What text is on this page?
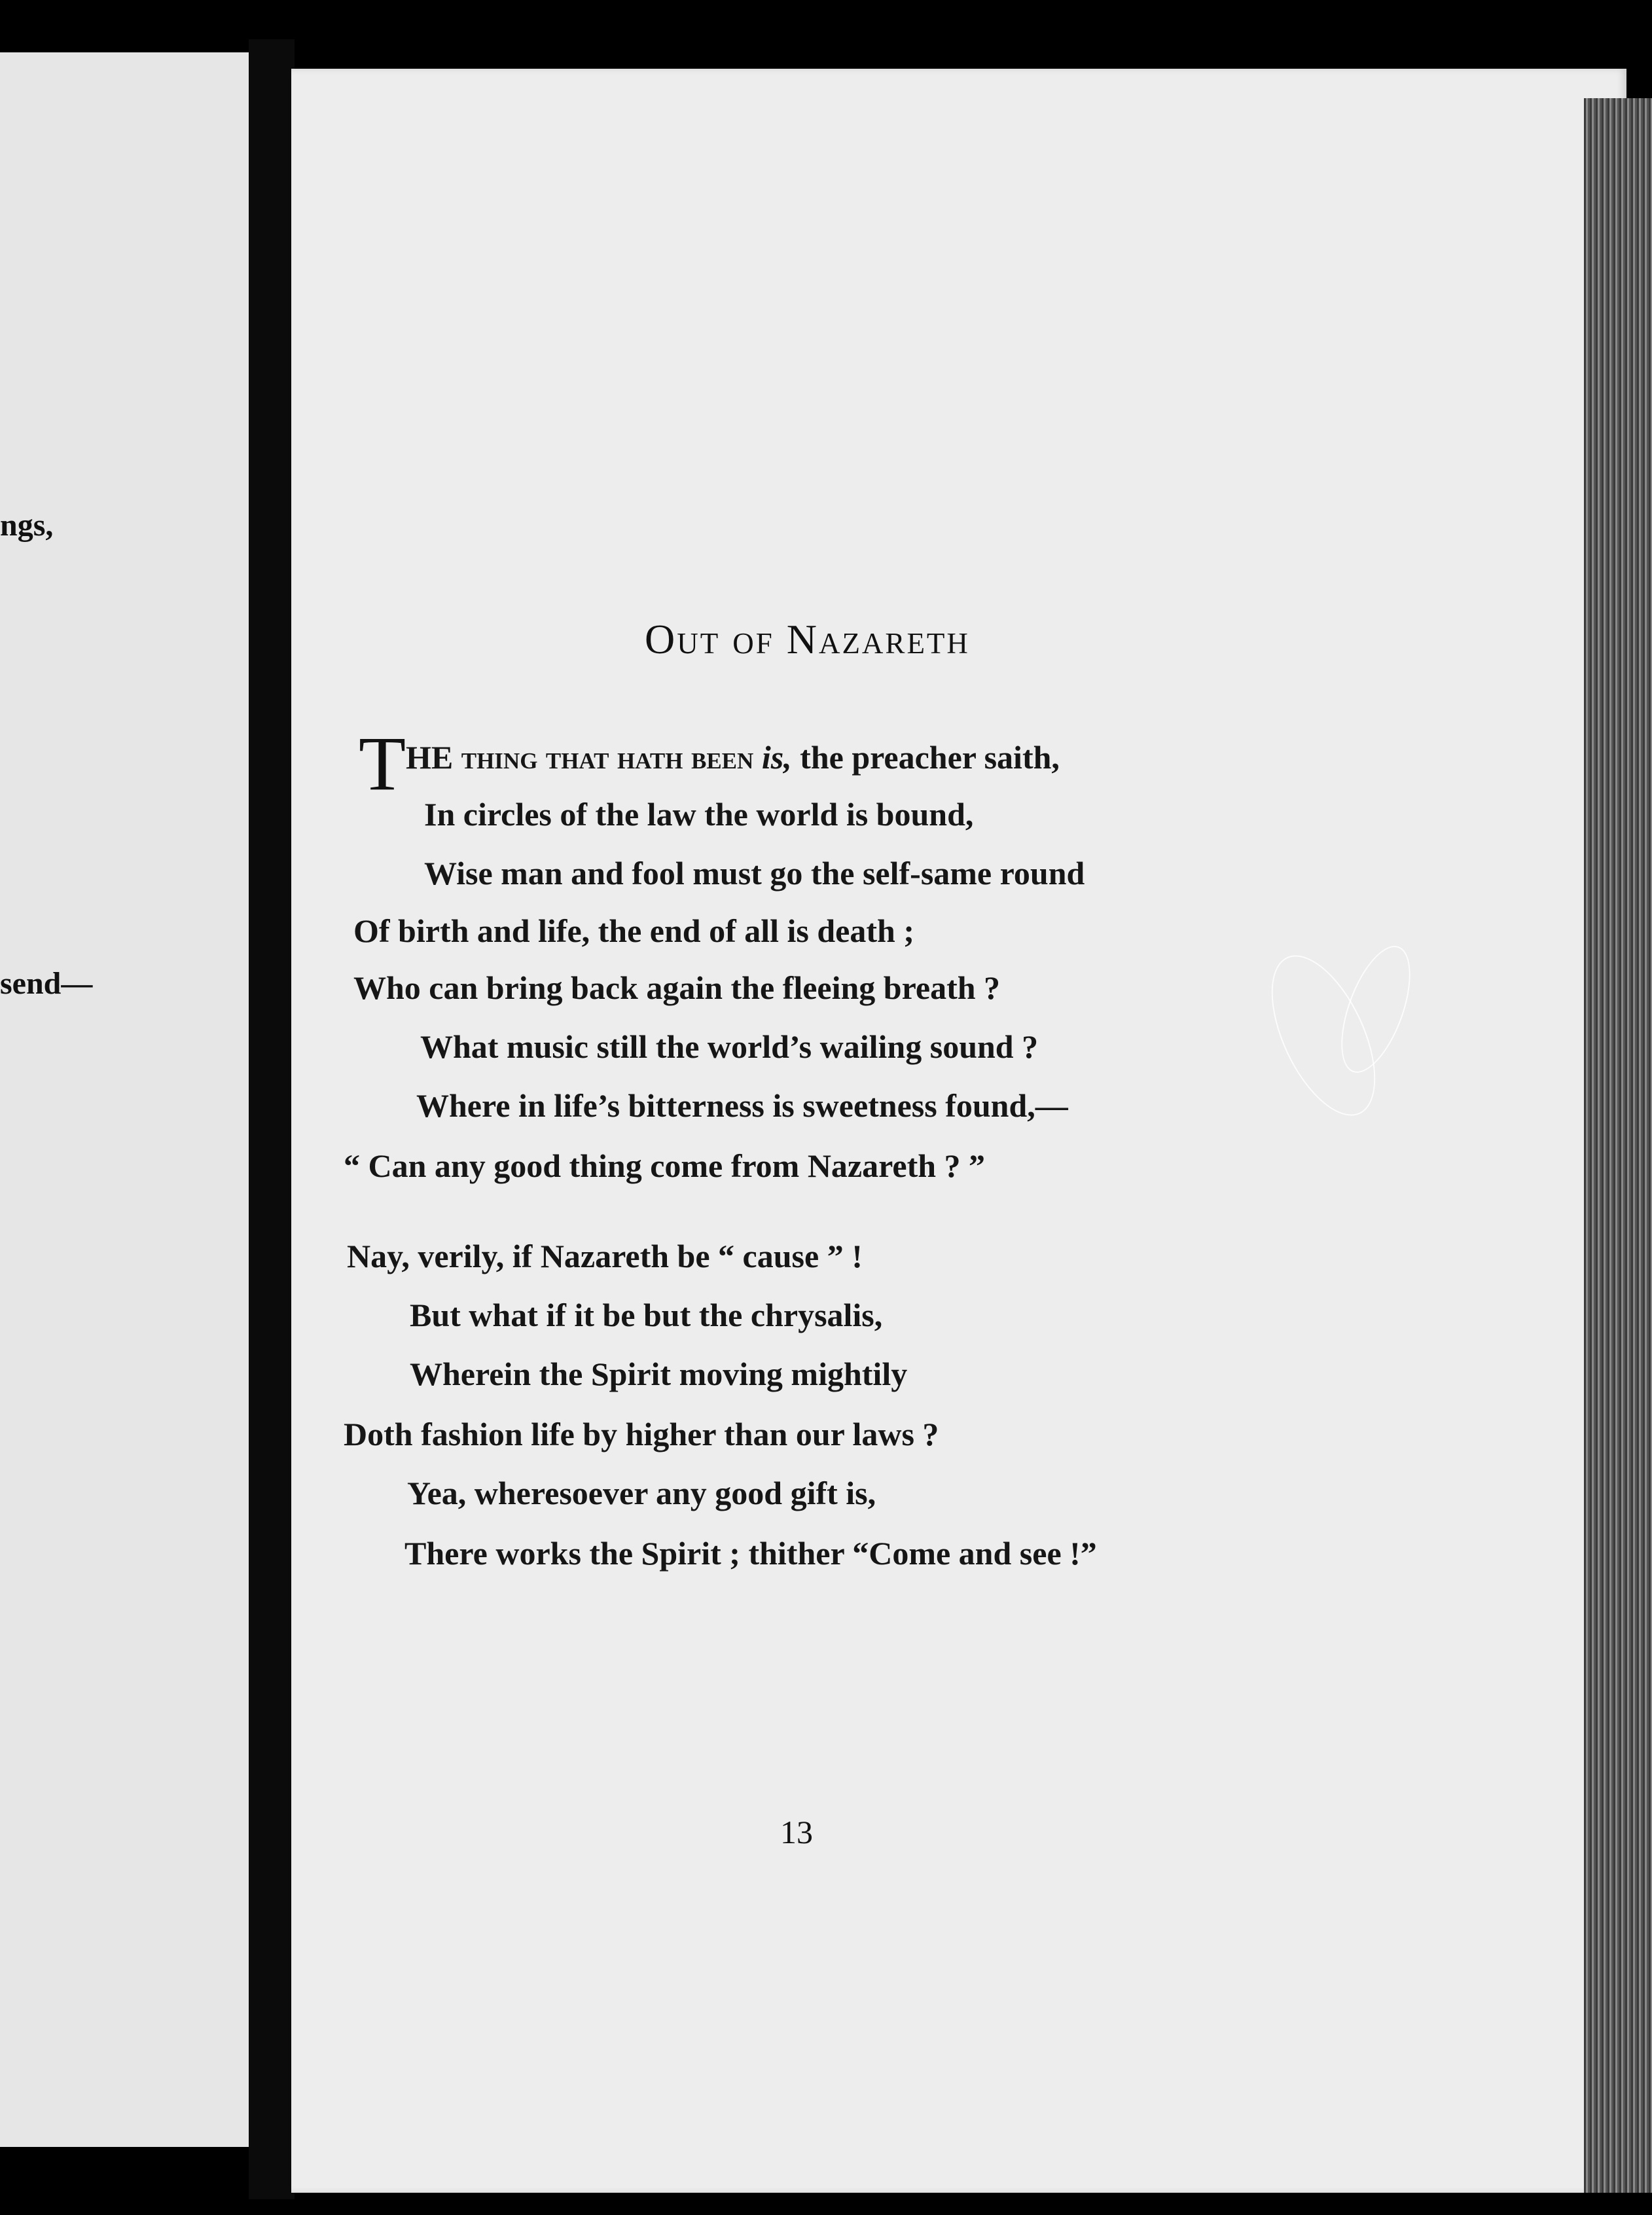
ngs,
send—
Out of Nazareth
T HE thing that hath been is, the preacher saith,
In circles of the law the world is bound,
Wise man and fool must go the self-same round
Of birth and life, the end of all is death ;
Who can bring back again the fleeing breath ?
What music still the world’s wailing sound ?
Where in life’s bitterness is sweetness found,—
“ Can any good thing come from Nazareth ? ”
Nay, verily, if Nazareth be “ cause ” !
But what if it be but the chrysalis,
Wherein the Spirit moving mightily
Doth fashion life by higher than our laws ?
Yea, wheresoever any good gift is,
There works the Spirit ; thither “Come and see !”
13
